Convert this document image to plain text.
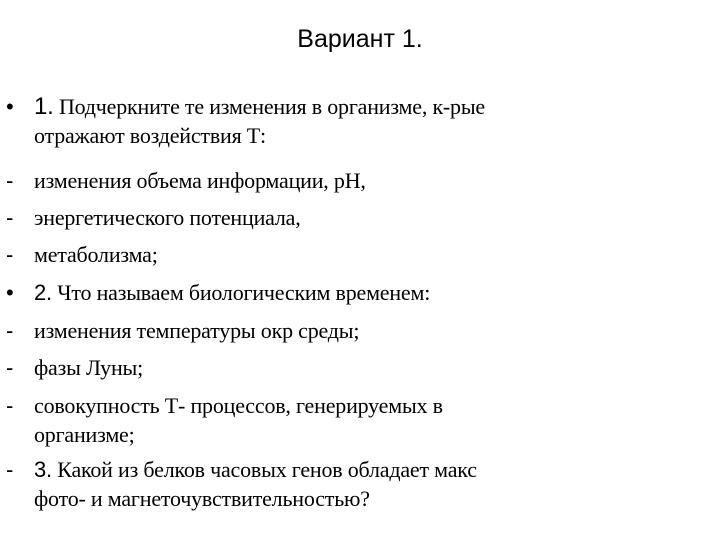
Вариант 1.
• 1. Подчеркните те изменения в организме, к-рые
отражают воздействия Т:
- изменения объема информации, рН,
- энергетического потенциала,
- метаболизма;
• 2. Что называем биологическим временем:
- изменения температуры окр среды;
- фазы Луны;
- совокупность Т- процессов, генерируемых в
организме;
- 3. Какой из белков часовых генов обладает макс
фото- и магнеточувствительностью?
